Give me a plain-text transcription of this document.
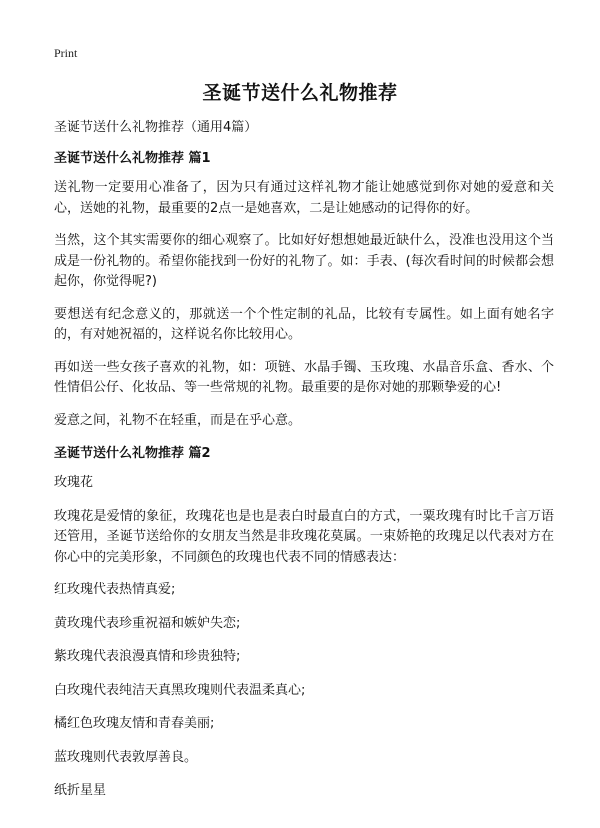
Print
圣诞节送什么礼物推荐

圣诞节送什么礼物推荐（通用4篇）

圣诞节送什么礼物推荐 篇1

送礼物一定要用心准备了，因为只有通过这样礼物才能让她感觉到你对她的爱意和关心，送她的礼物，最重要的2点一是她喜欢，二是让她感动的记得你的好。

当然，这个其实需要你的细心观察了。比如好好想想她最近缺什么，没准也没用这个当成是一份礼物的。希望你能找到一份好的礼物了。如：手表、(每次看时间的时候都会想起你，你觉得呢?)

要想送有纪念意义的，那就送一个个性定制的礼品，比较有专属性。如上面有她名字的，有对她祝福的，这样说名你比较用心。

再如送一些女孩子喜欢的礼物，如：项链、水晶手镯、玉玫瑰、水晶音乐盒、香水、个性情侣公仔、化妆品、等一些常规的礼物。最重要的是你对她的那颗挚爱的心!

爱意之间，礼物不在轻重，而是在乎心意。

圣诞节送什么礼物推荐 篇2

玫瑰花

玫瑰花是爱情的象征，玫瑰花也是也是表白时最直白的方式，一粟玫瑰有时比千言万语还管用，圣诞节送给你的女朋友当然是非玫瑰花莫属。一束娇艳的玫瑰足以代表对方在你心中的完美形象，不同颜色的玫瑰也代表不同的情感表达：

红玫瑰代表热情真爱;

黄玫瑰代表珍重祝福和嫉妒失恋;

紫玫瑰代表浪漫真情和珍贵独特;

白玫瑰代表纯洁天真黑玫瑰则代表温柔真心;

橘红色玫瑰友情和青春美丽;

蓝玫瑰则代表敦厚善良。

纸折星星
